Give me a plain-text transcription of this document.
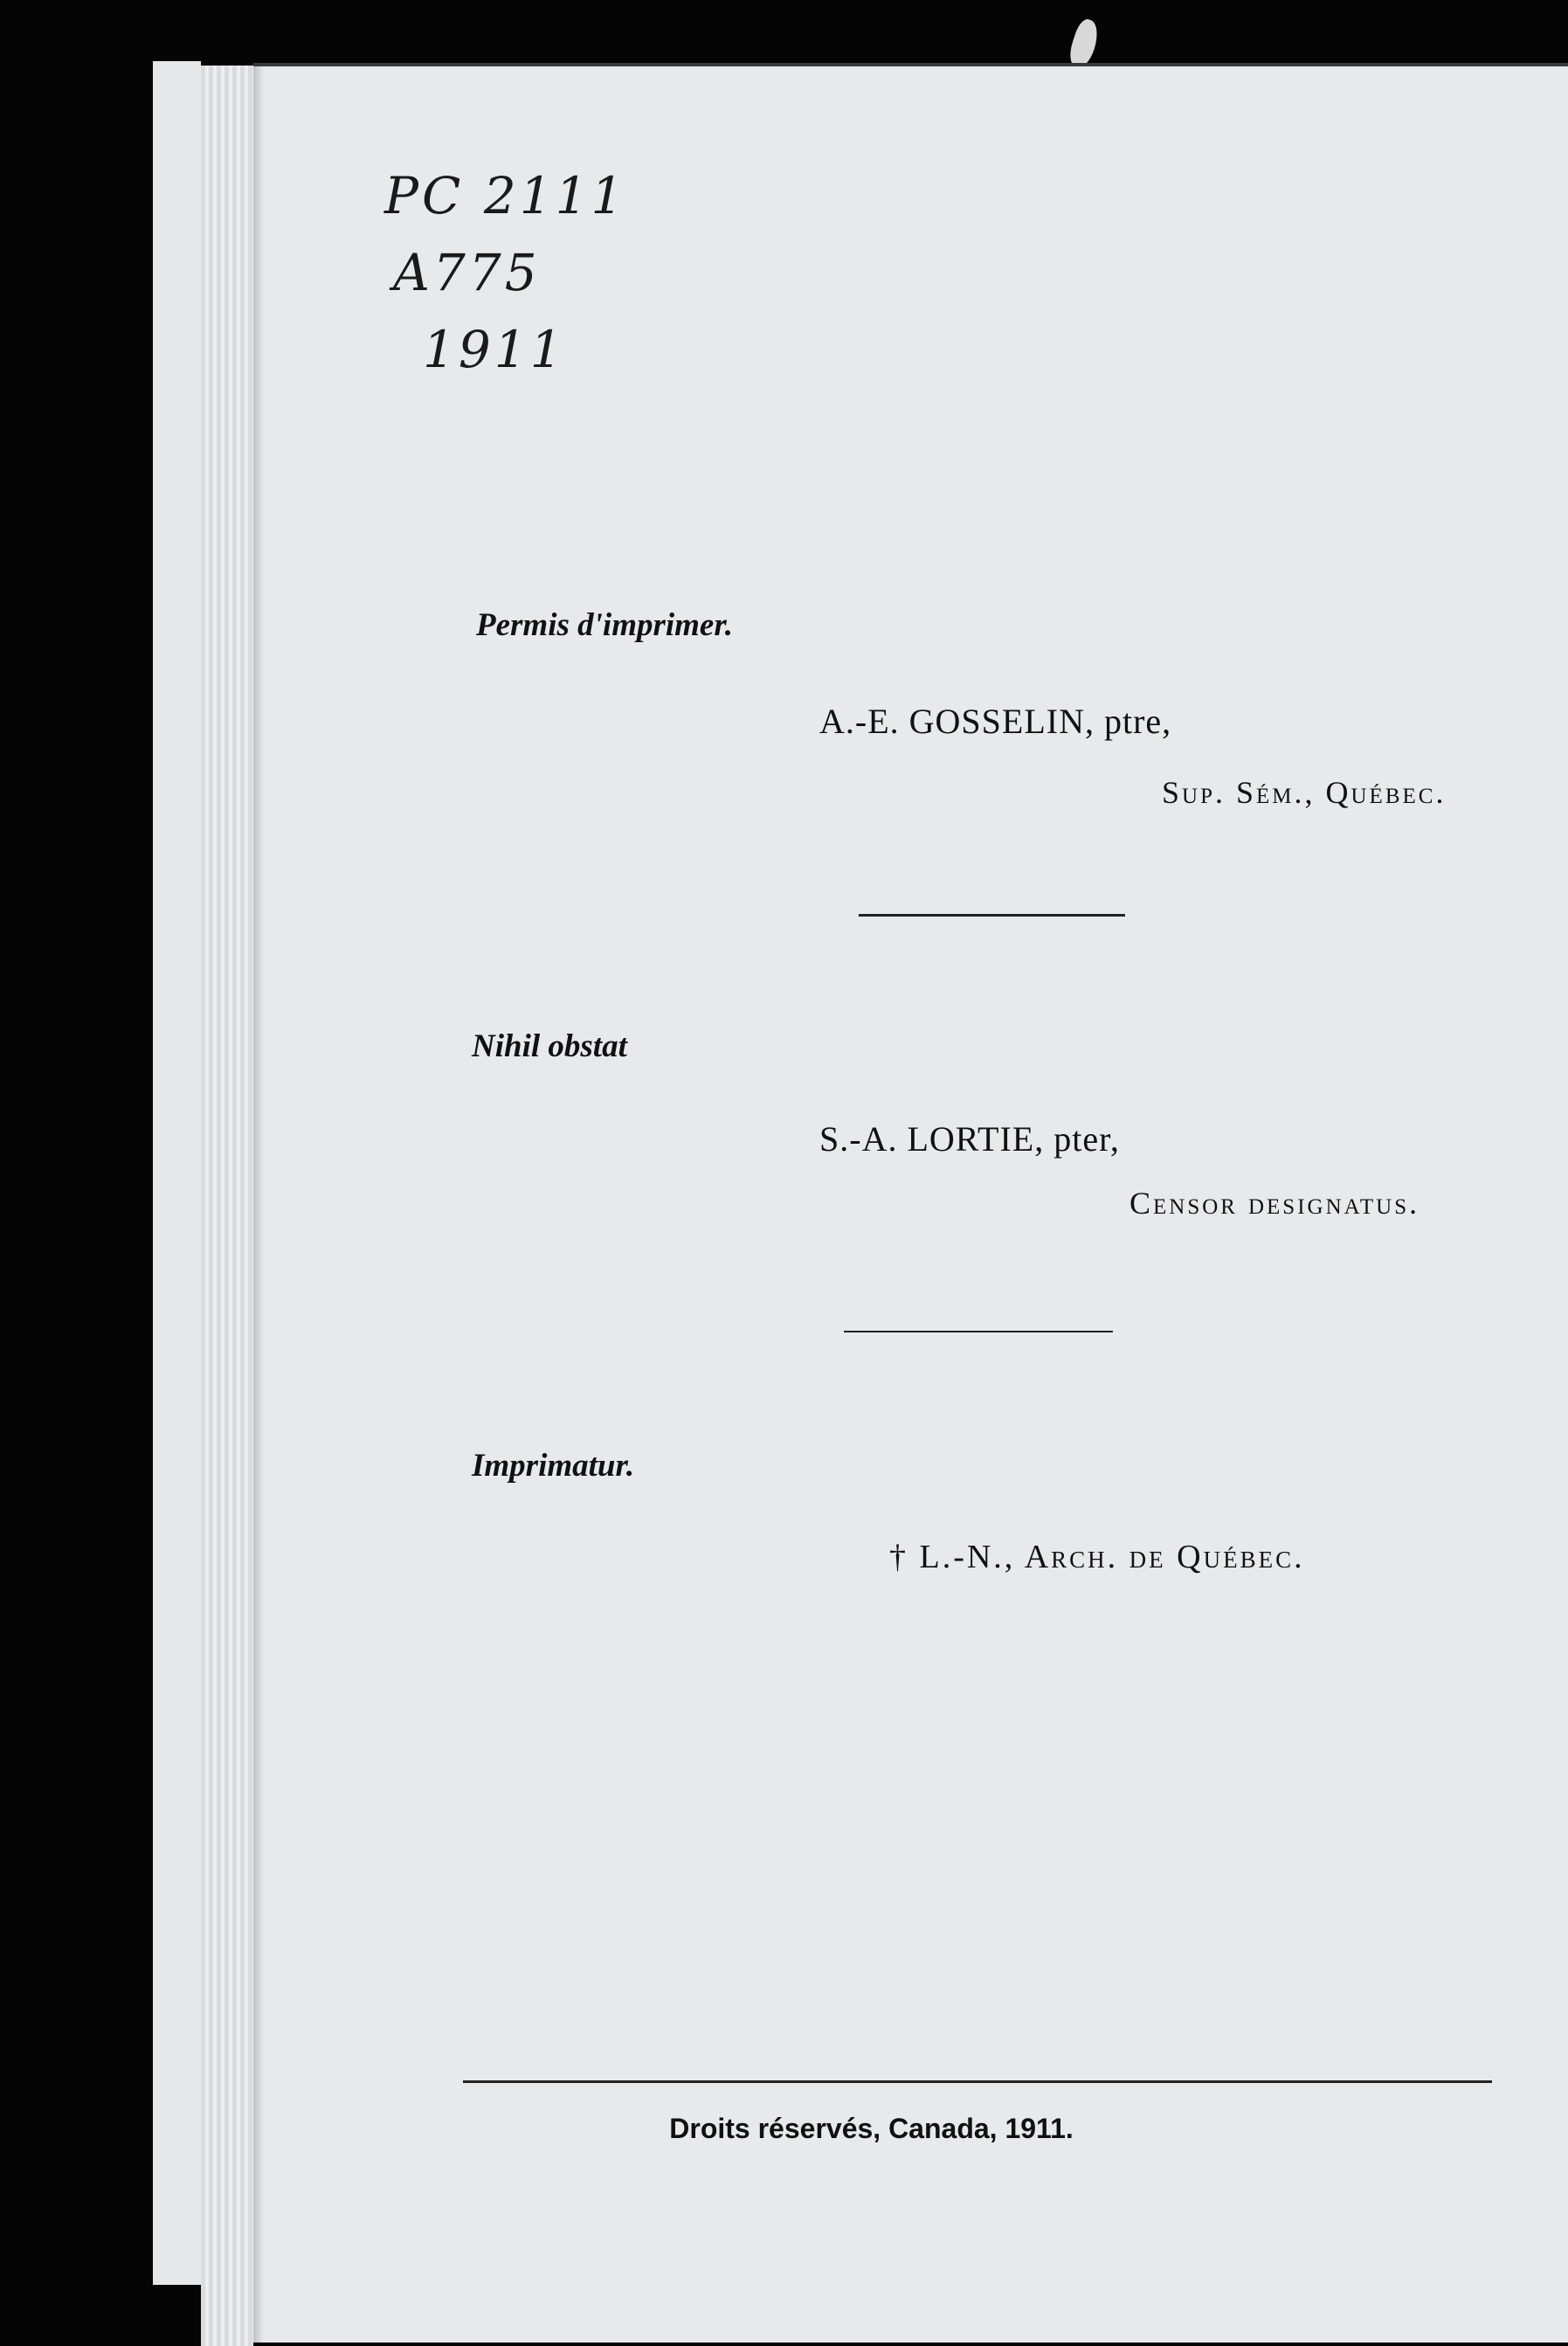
PC 2111
A775
1911
Permis d'imprimer.
A.-E. GOSSELIN, ptre,
Sup. Sém., Québec.
Nihil obstat
S.-A. LORTIE, pter,
Censor designatus.
Imprimatur.
† L.-N., Arch. de Québec.
Droits réservés, Canada, 1911.
